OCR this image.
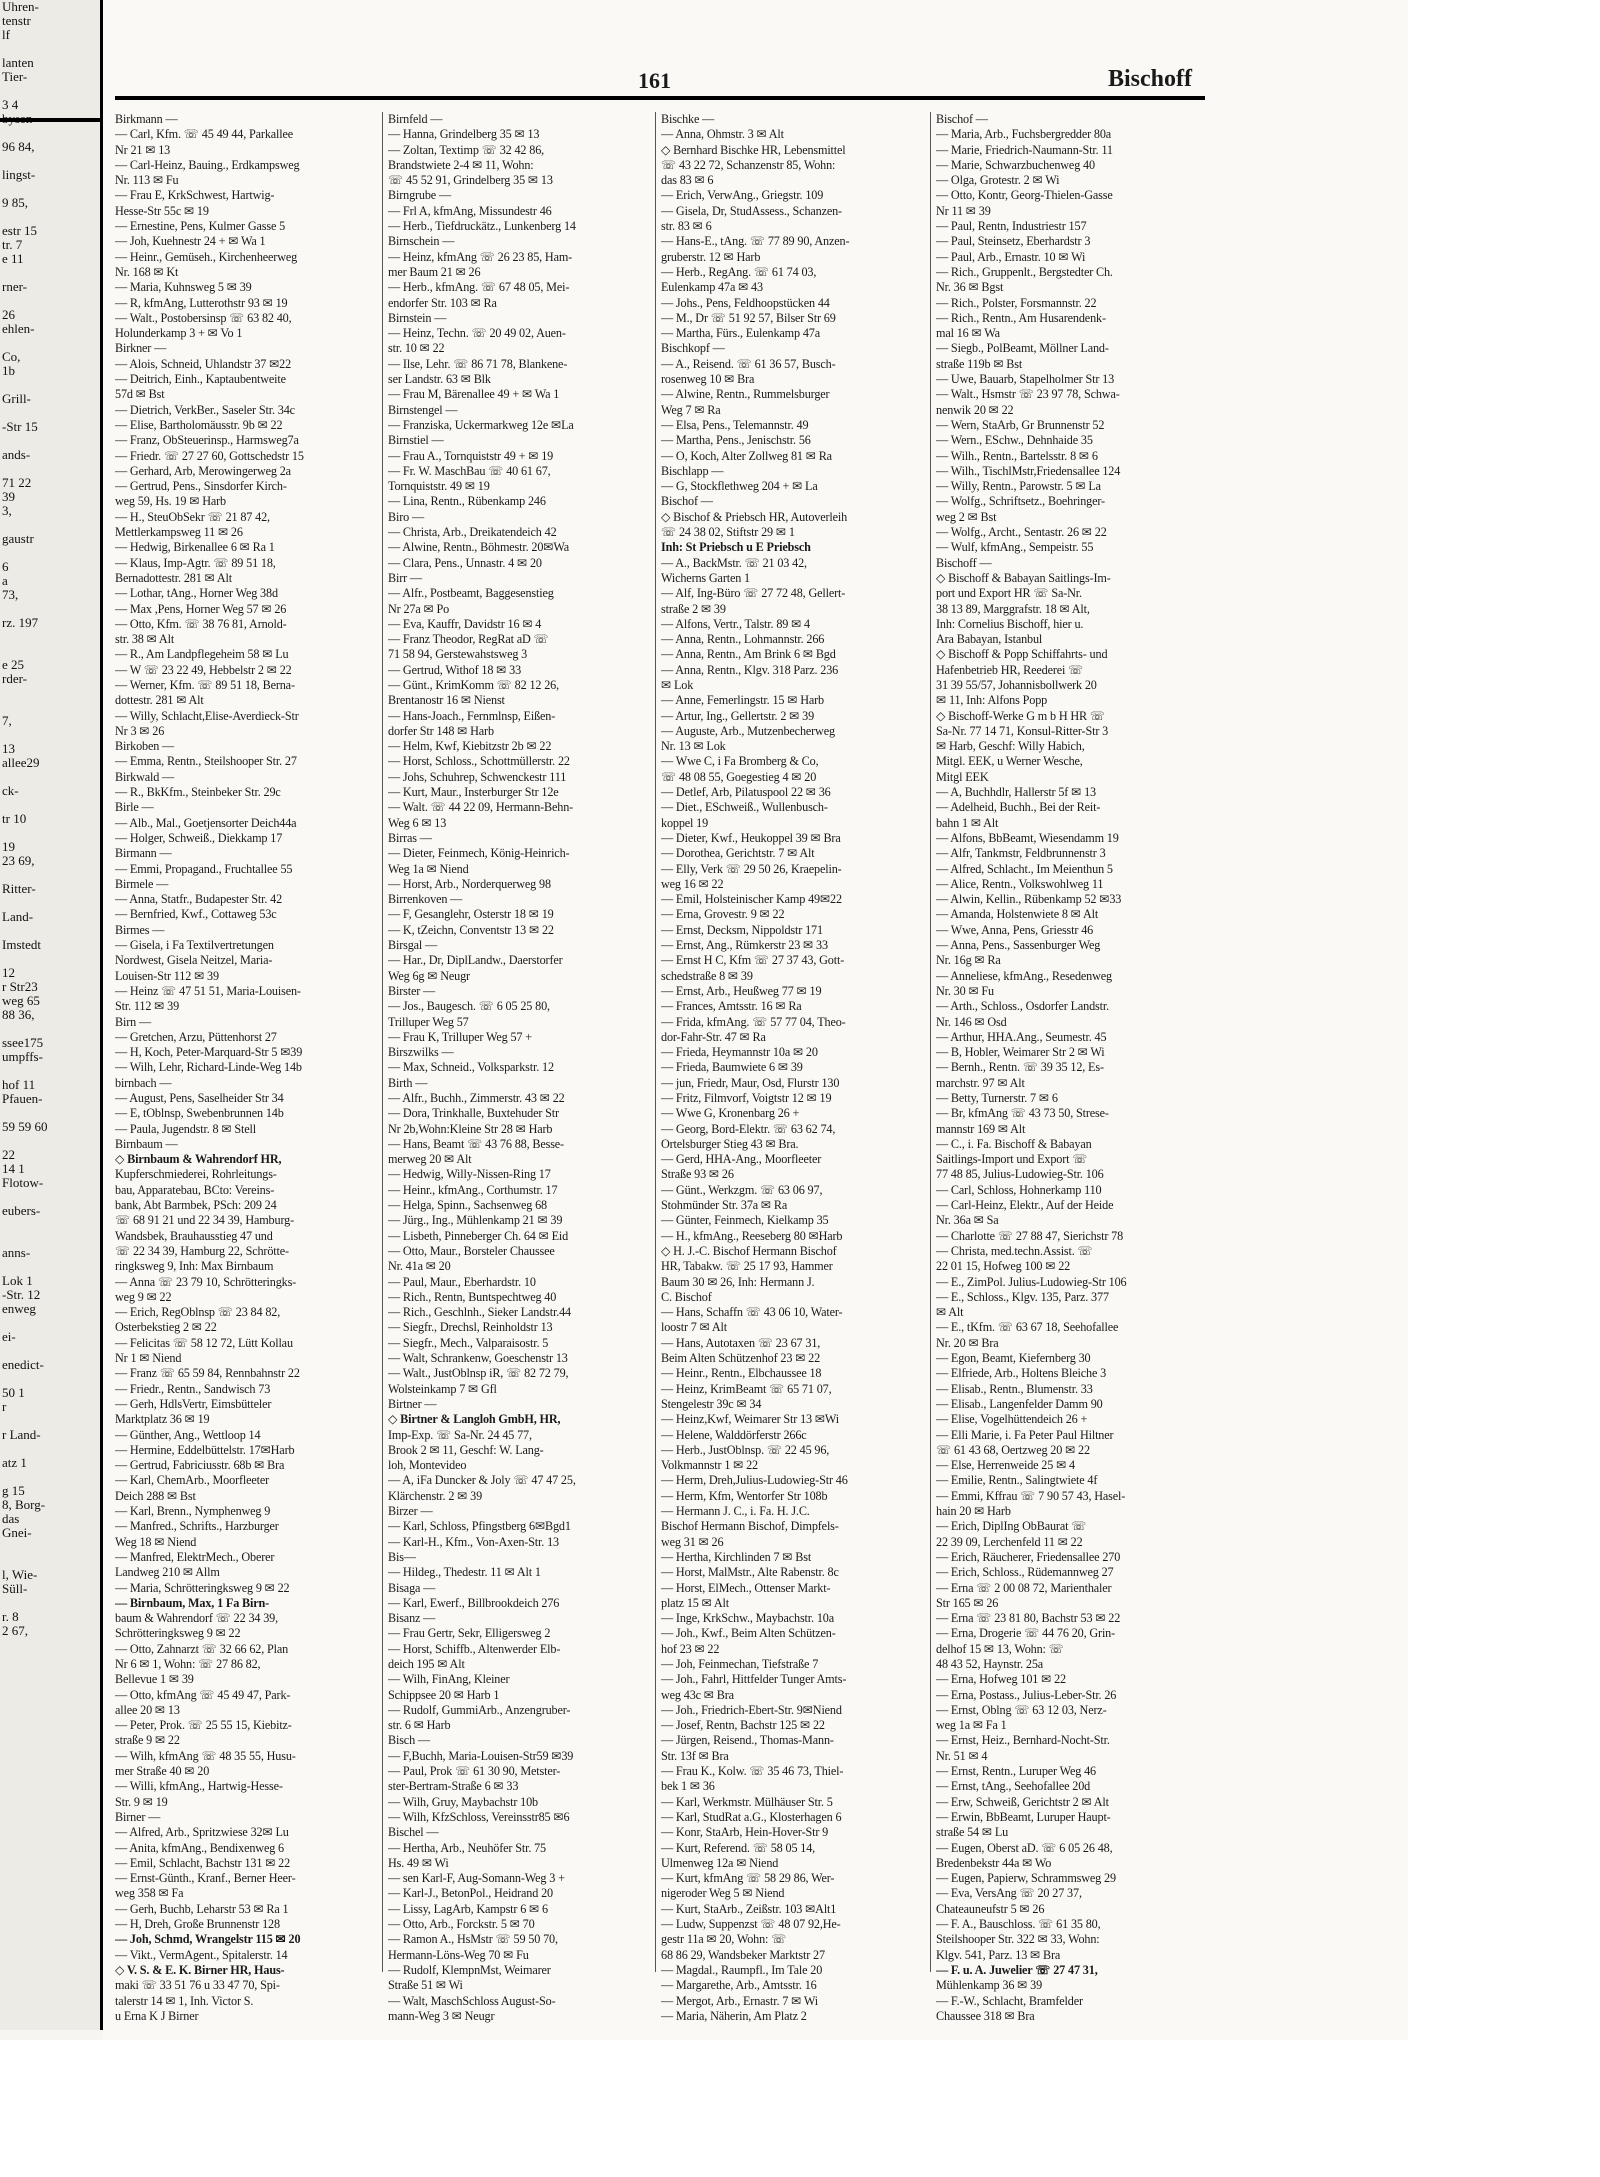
Uhren-
tenstr
lf

lanten
Tier-

3 4

96 84,

lingst-

9 85,

estr 15
tr. 7
e 11

rner-

26
ehlen-

Co,
1b

Grill-

-Str 15

ands-

71 22
39
3,

gaustr

6
a
73,

rz. 197

e 25
rder-

7,

13
allee29

ck-

tr 10

19
23 69,

Ritter-

Land-

Imstedt

12
r Str23
weg 65
88 36,

ssee175
umpffs-

hof 11
Pfauen-

59 59 60

22
14 1
Flotow-

eubers-

anns-

Lok 1
-Str. 12
enweg

ei-

enedict-

50 1
r

r Land-

atz 1

g 15
8, Borg-
das
Gnei-

l, Wie-
Süll-

r. 8
2 67,
161	Bischoff
Birkmann —
— Carl, Kfm. ☏ 45 49 44, Parkallee
Nr 21 ✉ 13
— Carl-Heinz, Bauing., Erdkampsweg
Nr. 113 ✉ Fu
— Frau E, KrkSchwest, Hartwig-
Hesse-Str 55c ✉ 19
— Ernestine, Pens, Kulmer Gasse 5
— Joh, Kuehnestr 24 + ✉ Wa 1
— Heinr., Gemüseh., Kirchenheerweg
Nr. 168 ✉ Kt
— Maria, Kuhnsweg 5 ✉ 39
— R, kfmAng, Lutterothstr 93 ✉ 19
— Walt., Postobersinsp ☏ 63 82 40,
Holunderkamp 3 + ✉ Vo 1
Birkner —
— Alois, Schneid, Uhlandstr 37 ✉22
— Deitrich, Einh., Kaptaubentweite
57d ✉ Bst
— Dietrich, VerkBer., Saseler Str. 34c
— Elise, Bartholomäusstr. 9b ✉ 22
— Franz, ObSteuerinsp., Harmsweg7a
— Friedr. ☏ 27 27 60, Gottschedstr 15
— Gerhard, Arb, Merowingerweg 2a
— Gertrud, Pens., Sinsdorfer Kirch-
weg 59, Hs. 19 ✉ Harb
— H., SteuObSekr ☏ 21 87 42,
Mettlerkampsweg 11 ✉ 26
— Hedwig, Birkenallee 6 ✉ Ra 1
— Klaus, Imp-Agtr. ☏ 89 51 18,
Bernadottestr. 281 ✉ Alt
— Lothar, tAng., Horner Weg 38d
— Max ,Pens, Horner Weg 57 ✉ 26
— Otto, Kfm. ☏ 38 76 81, Arnold-
str. 38 ✉ Alt
— R., Am Landpflegeheim 58 ✉ Lu
— W ☏ 23 22 49, Hebbelstr 2 ✉ 22
— Werner, Kfm. ☏ 89 51 18, Berna-
dottestr. 281 ✉ Alt
— Willy, Schlacht,Elise-Averdieck-Str
Nr 3 ✉ 26
Birkoben —
— Emma, Rentn., Steilshooper Str. 27
Birkwald —
— R., BkKfm., Steinbeker Str. 29c
Birle —
— Alb., Mal., Goetjensorter Deich44a
— Holger, Schweiß., Diekkamp 17
Birmann —
— Emmi, Propagand., Fruchtallee 55
Birmele —
— Anna, Statfr., Budapester Str. 42
— Bernfried, Kwf., Cottaweg 53c
Birmes —
— Gisela, i Fa Textilvertretungen
Nordwest, Gisela Neitzel, Maria-
Louisen-Str 112 ✉ 39
— Heinz ☏ 47 51 51, Maria-Louisen-
Str. 112 ✉ 39
Birn —
— Gretchen, Arzu, Püttenhorst 27
— H, Koch, Peter-Marquard-Str 5 ✉39
— Wilh, Lehr, Richard-Linde-Weg 14b
birnbach —
— August, Pens, Saselheider Str 34
— E, tOblnsp, Swebenbrunnen 14b
— Paula, Jugendstr. 8 ✉ Stell
Birnbaum —
◇ Birnbaum & Wahrendorf HR,
Kupferschmiederei, Rohrleitungs-
bau, Apparatebau, BCto: Vereins-
bank, Abt Barmbek, PSch: 209 24
☏ 68 91 21 und 22 34 39, Hamburg-
Wandsbek, Brauhausstieg 47 und
☏ 22 34 39, Hamburg 22, Schrötte-
ringksweg 9, Inh: Max Birnbaum
— Anna ☏ 23 79 10, Schrötteringks-
weg 9 ✉ 22
— Erich, RegOblnsp ☏ 23 84 82,
Osterbekstieg 2 ✉ 22
— Felicitas ☏ 58 12 72, Lütt Kollau
Nr 1 ✉ Niend
— Franz ☏ 65 59 84, Rennbahnstr 22
— Friedr., Rentn., Sandwisch 73
— Gerh, HdlsVertr, Eimsbütteler
Marktplatz 36 ✉ 19
— Günther, Ang., Wettloop 14
— Hermine, Eddelbüttelstr. 17✉Harb
— Gertrud, Fabriciusstr. 68b ✉ Bra
— Karl, ChemArb., Moorfleeter
Deich 288 ✉ Bst
— Karl, Brenn., Nymphenweg 9
— Manfred., Schrifts., Harzburger
Weg 18 ✉ Niend
— Manfred, ElektrMech., Oberer
Landweg 210 ✉ Allm
— Maria, Schrötteringksweg 9 ✉ 22
— Birnbaum, Max, 1 Fa Birn-
baum & Wahrendorf ☏ 22 34 39,
Schrötteringksweg 9 ✉ 22
— Otto, Zahnarzt ☏ 32 66 62, Plan
Nr 6 ✉ 1, Wohn: ☏ 27 86 82,
Bellevue 1 ✉ 39
— Otto, kfmAng ☏ 45 49 47, Park-
allee 20 ✉ 13
— Peter, Prok. ☏ 25 55 15, Kiebitz-
straße 9 ✉ 22
— Wilh, kfmAng ☏ 48 35 55, Husu-
mer Straße 40 ✉ 20
— Willi, kfmAng., Hartwig-Hesse-
Str. 9 ✉ 19
Birner —
— Alfred, Arb., Spritzwiese 32✉ Lu
— Anita, kfmAng., Bendixenweg 6
— Emil, Schlacht, Bachstr 131 ✉ 22
— Ernst-Günth., Kranf., Berner Heer-
weg 358 ✉ Fa
— Gerh, Buchb, Leharstr 53 ✉ Ra 1
— H, Dreh, Große Brunnenstr 128
— Joh, Schmd, Wrangelstr 115 ✉ 20
— Vikt., VermAgent., Spitalerstr. 14
◇ V. S. & E. K. Birner HR, Haus-
maki ☏ 33 51 76 u 33 47 70, Spi-
talerstr 14 ✉ 1, Inh. Victor S.
u Erna K J Birner
Birnfeld —
— Hanna, Grindelberg 35 ✉ 13
— Zoltan, Textimp ☏ 32 42 86,
Brandstwiete 2-4 ✉ 11, Wohn:
☏ 45 52 91, Grindelberg 35 ✉ 13
Birngrube —
— Frl A, kfmAng, Missundestr 46
— Herb., Tiefdruckätz., Lunkenberg 14
Birnschein —
— Heinz, kfmAng ☏ 26 23 85, Ham-
mer Baum 21 ✉ 26
— Herb., kfmAng. ☏ 67 48 05, Mei-
endorfer Str. 103 ✉ Ra
Birnstein —
— Heinz, Techn. ☏ 20 49 02, Auen-
str. 10 ✉ 22
— Ilse, Lehr. ☏ 86 71 78, Blankene-
ser Landstr. 63 ✉ Blk
— Frau M, Bärenallee 49 + ✉ Wa 1
Birnstengel —
— Franziska, Uckermarkweg 12e ✉La
Birnstiel —
— Frau A., Tornquiststr 49 + ✉ 19
— Fr. W. MaschBau ☏ 40 61 67,
Tornquiststr. 49 ✉ 19
— Lina, Rentn., Rübenkamp 246
Biro —
— Christa, Arb., Dreikatendeich 42
— Alwine, Rentn., Böhmestr. 20✉Wa
— Clara, Pens., Unnastr. 4 ✉ 20
Birr —
— Alfr., Postbeamt, Baggesenstieg
Nr 27a ✉ Po
— Eva, Kauffr, Davidstr 16 ✉ 4
— Franz Theodor, RegRat aD ☏
71 58 94, Gerstewahstsweg 3
— Gertrud, Withof 18 ✉ 33
— Günt., KrimKomm ☏ 82 12 26,
Brentanostr 16 ✉ Nienst
— Hans-Joach., Fernmlnsp, Eißen-
dorfer Str 148 ✉ Harb
— Helm, Kwf, Kiebitzstr 2b ✉ 22
— Horst, Schloss., Schottmüllerstr. 22
— Johs, Schuhrep, Schwenckestr 111
— Kurt, Maur., Insterburger Str 12e
— Walt. ☏ 44 22 09, Hermann-Behn-
Weg 6 ✉ 13
Birras —
— Dieter, Feinmech, König-Heinrich-
Weg 1a ✉ Niend
— Horst, Arb., Norderquerweg 98
Birrenkoven —
— F, Gesanglehr, Osterstr 18 ✉ 19
— K, tZeichn, Conventstr 13 ✉ 22
Birsgal —
— Har., Dr, DiplLandw., Daerstorfer
Weg 6g ✉ Neugr
Birster —
— Jos., Baugesch. ☏ 6 05 25 80,
Trilluper Weg 57
— Frau K, Trilluper Weg 57 +
Birszwilks —
— Max, Schneid., Volksparkstr. 12
Birth —
— Alfr., Buchh., Zimmerstr. 43 ✉ 22
— Dora, Trinkhalle, Buxtehuder Str
Nr 2b,Wohn:Kleine Str 28 ✉ Harb
— Hans, Beamt ☏ 43 76 88, Besse-
merweg 20 ✉ Alt
— Hedwig, Willy-Nissen-Ring 17
— Heinr., kfmAng., Corthumstr. 17
— Helga, Spinn., Sachsenweg 68
— Jürg., Ing., Mühlenkamp 21 ✉ 39
— Lisbeth, Pinneberger Ch. 64 ✉ Eid
— Otto, Maur., Borsteler Chaussee
Nr. 41a ✉ 20
— Paul, Maur., Eberhardstr. 10
— Rich., Rentn, Buntspechtweg 40
— Rich., Geschlnh., Sieker Landstr.44
— Siegfr., Drechsl, Reinholdstr 13
— Siegfr., Mech., Valparaisostr. 5
— Walt, Schrankenw, Goeschenstr 13
— Walt., JustOblnsp iR, ☏ 82 72 79,
Wolsteinkamp 7 ✉ Gfl
Birtner —
◇ Birtner & Langloh GmbH, HR,
Imp-Exp. ☏ Sa-Nr. 24 45 77,
Brook 2 ✉ 11, Geschf: W. Lang-
loh, Montevideo
— A, iFa Duncker & Joly ☏ 47 47 25,
Klärchenstr. 2 ✉ 39
Birzer —
— Karl, Schloss, Pfingstberg 6✉Bgd1
— Karl-H., Kfm., Von-Axen-Str. 13
Bis—
— Hildeg., Thedestr. 11 ✉ Alt 1
Bisaga —
— Karl, Ewerf., Billbrookdeich 276
Bisanz —
— Frau Gertr, Sekr, Elligersweg 2
— Horst, Schiffb., Altenwerder Elb-
deich 195 ✉ Alt
— Wilh, FinAng, Kleiner
Schippsee 20 ✉ Harb 1
— Rudolf, GummiArb., Anzengruber-
str. 6 ✉ Harb
Bisch —
— F,Buchh, Maria-Louisen-Str59 ✉39
— Paul, Prok ☏ 61 30 90, Metster-
ster-Bertram-Straße 6 ✉ 33
— Wilh, Gruy, Maybachstr 10b
— Wilh, KfzSchloss, Vereinsstr85 ✉6
Bischel —
— Hertha, Arb., Neuhöfer Str. 75
Hs. 49 ✉ Wi
— sen Karl-F, Aug-Somann-Weg 3 +
— Karl-J., BetonPol., Heidrand 20
— Lissy, LagArb, Kampstr 6 ✉ 6
— Otto, Arb., Forckstr. 5 ✉ 70
— Ramon A., HsMstr ☏ 59 50 70,
Hermann-Löns-Weg 70 ✉ Fu
— Rudolf, KlempnMst, Weimarer
Straße 51 ✉ Wi
— Walt, MaschSchloss August-So-
mann-Weg 3 ✉ Neugr
Bischke —
— Anna, Ohmstr. 3 ✉ Alt
◇ Bernhard Bischke HR, Lebensmittel
☏ 43 22 72, Schanzenstr 85, Wohn:
das 83 ✉ 6
— Erich, VerwAng., Griegstr. 109
— Gisela, Dr, StudAssess., Schanzen-
str. 83 ✉ 6
— Hans-E., tAng. ☏ 77 89 90, Anzen-
gruberstr. 12 ✉ Harb
— Herb., RegAng. ☏ 61 74 03,
Eulenkamp 47a ✉ 43
— Johs., Pens, Feldhoopstücken 44
— M., Dr ☏ 51 92 57, Bilser Str 69
— Martha, Fürs., Eulenkamp 47a
Bischkopf —
— A., Reisend. ☏ 61 36 57, Busch-
rosenweg 10 ✉ Bra
— Alwine, Rentn., Rummelsburger
Weg 7 ✉ Ra
— Elsa, Pens., Telemannstr. 49
— Martha, Pens., Jenischstr. 56
— O, Koch, Alter Zollweg 81 ✉ Ra
Bischlapp —
— G, Stockflethweg 204 + ✉ La
Bischof —
◇ Bischof & Priebsch HR, Autoverleih
☏ 24 38 02, Stiftstr 29 ✉ 1
Inh: St Priebsch u E Priebsch
— A., BackMstr. ☏ 21 03 42,
Wicherns Garten 1
— Alf, Ing-Büro ☏ 27 72 48, Gellert-
straße 2 ✉ 39
— Alfons, Vertr., Talstr. 89 ✉ 4
— Anna, Rentn., Lohmannstr. 266
— Anna, Rentn., Am Brink 6 ✉ Bgd
— Anna, Rentn., Klgv. 318 Parz. 236
✉ Lok
— Anne, Femerlingstr. 15 ✉ Harb
— Artur, Ing., Gellertstr. 2 ✉ 39
— Auguste, Arb., Mutzenbecherweg
Nr. 13 ✉ Lok
— Wwe C, i Fa Bromberg & Co,
☏ 48 08 55, Goegestieg 4 ✉ 20
— Detlef, Arb, Pilatuspool 22 ✉ 36
— Diet., ESchweiß., Wullenbusch-
koppel 19
— Dieter, Kwf., Heukoppel 39 ✉ Bra
— Dorothea, Gerichtstr. 7 ✉ Alt
— Elly, Verk ☏ 29 50 26, Kraepelin-
weg 16 ✉ 22
— Emil, Holsteinischer Kamp 49✉22
— Erna, Grovestr. 9 ✉ 22
— Ernst, Decksm, Nippoldstr 171
— Ernst, Ang., Rümkerstr 23 ✉ 33
— Ernst H C, Kfm ☏ 27 37 43, Gott-
schedstraße 8 ✉ 39
— Ernst, Arb., Heußweg 77 ✉ 19
— Frances, Amtsstr. 16 ✉ Ra
— Frida, kfmAng. ☏ 57 77 04, Theo-
dor-Fahr-Str. 47 ✉ Ra
— Frieda, Heymannstr 10a ✉ 20
— Frieda, Baumwiete 6 ✉ 39
— jun, Friedr, Maur, Osd, Flurstr 130
— Fritz, Filmvorf, Voigtstr 12 ✉ 19
— Wwe G, Kronenbarg 26 +
— Georg, Bord-Elektr. ☏ 63 62 74,
Ortelsburger Stieg 43 ✉ Bra.
— Gerd, HHA-Ang., Moorfleeter
Straße 93 ✉ 26
— Günt., Werkzgm. ☏ 63 06 97,
Stohmünder Str. 37a ✉ Ra
— Günter, Feinmech, Kielkamp 35
— H., kfmAng., Reeseberg 80 ✉Harb
◇ H. J.-C. Bischof Hermann Bischof
HR, Tabakw. ☏ 25 17 93, Hammer
Baum 30 ✉ 26, Inh: Hermann J.
C. Bischof
— Hans, Schaffn ☏ 43 06 10, Water-
loostr 7 ✉ Alt
— Hans, Autotaxen ☏ 23 67 31,
Beim Alten Schützenhof 23 ✉ 22
— Heinr., Rentn., Elbchaussee 18
— Heinz, KrimBeamt ☏ 65 71 07,
Stengelestr 39c ✉ 34
— Heinz,Kwf, Weimarer Str 13 ✉Wi
— Helene, Walddörferstr 266c
— Herb., JustOblnsp. ☏ 22 45 96,
Volkmannstr 1 ✉ 22
— Herm, Dreh,Julius-Ludowieg-Str 46
— Herm, Kfm, Wentorfer Str 108b
— Hermann J. C., i. Fa. H. J.C.
Bischof Hermann Bischof, Dimpfels-
weg 31 ✉ 26
— Hertha, Kirchlinden 7 ✉ Bst
— Horst, MalMstr., Alte Rabenstr. 8c
— Horst, ElMech., Ottenser Markt-
platz 15 ✉ Alt
— Inge, KrkSchw., Maybachstr. 10a
— Joh., Kwf., Beim Alten Schützen-
hof 23 ✉ 22
— Joh, Feinmechan, Tiefstraße 7
— Joh., Fahrl, Hittfelder Tunger Amts-
weg 43c ✉ Bra
— Joh., Friedrich-Ebert-Str. 9✉Niend
— Josef, Rentn, Bachstr 125 ✉ 22
— Jürgen, Reisend., Thomas-Mann-
Str. 13f ✉ Bra
— Frau K., Kolw. ☏ 35 46 73, Thiel-
bek 1 ✉ 36
— Karl, Werkmstr. Mülhäuser Str. 5
— Karl, StudRat a.G., Klosterhagen 6
— Konr, StaArb, Hein-Hover-Str 9
— Kurt, Referend. ☏ 58 05 14,
Ulmenweg 12a ✉ Niend
— Kurt, kfmAng ☏ 58 29 86, Wer-
nigeroder Weg 5 ✉ Niend
— Kurt, StaArb., Zeißstr. 103 ✉Alt1
— Ludw, Suppenzst ☏ 48 07 92,He-
gestr 11a ✉ 20, Wohn: ☏
68 86 29, Wandsbeker Marktstr 27
— Magdal., Raumpfl., Im Tale 20
— Margarethe, Arb., Amtsstr. 16
— Mergot, Arb., Ernastr. 7 ✉ Wi
— Maria, Näherin, Am Platz 2
Bischof —
— Maria, Arb., Fuchsbergredder 80a
— Marie, Friedrich-Naumann-Str. 11
— Marie, Schwarzbuchenweg 40
— Olga, Grotestr. 2 ✉ Wi
— Otto, Kontr, Georg-Thielen-Gasse
Nr 11 ✉ 39
— Paul, Rentn, Industriestr 157
— Paul, Steinsetz, Eberhardstr 3
— Paul, Arb., Ernastr. 10 ✉ Wi
— Rich., Gruppenlt., Bergstedter Ch.
Nr. 36 ✉ Bgst
— Rich., Polster, Forsmannstr. 22
— Rich., Rentn., Am Husarendenk-
mal 16 ✉ Wa
— Siegb., PolBeamt, Möllner Land-
straße 119b ✉ Bst
— Uwe, Bauarb, Stapelholmer Str 13
— Walt., Hsmstr ☏ 23 97 78, Schwa-
nenwik 20 ✉ 22
— Wern, StaArb, Gr Brunnenstr 52
— Wern., ESchw., Dehnhaide 35
— Wilh., Rentn., Bartelsstr. 8 ✉ 6
— Wilh., TischlMstr,Friedensallee 124
— Willy, Rentn., Parowstr. 5 ✉ La
— Wolfg., Schriftsetz., Boehringer-
weg 2 ✉ Bst
— Wolfg., Archt., Sentastr. 26 ✉ 22
— Wulf, kfmAng., Sempeistr. 55
Bischoff —
◇ Bischoff & Babayan Saitlings-Im-
port und Export HR ☏ Sa-Nr.
38 13 89, Marggrafstr. 18 ✉ Alt,
Inh: Cornelius Bischoff, hier u.
Ara Babayan, Istanbul
◇ Bischoff & Popp Schiffahrts- und
Hafenbetrieb HR, Reederei ☏
31 39 55/57, Johannisbollwerk 20
✉ 11, Inh: Alfons Popp
◇ Bischoff-Werke G m b H HR ☏
Sa-Nr. 77 14 71, Konsul-Ritter-Str 3
✉ Harb, Geschf: Willy Habich,
Mitgl. EEK, u Werner Wesche,
Mitgl EEK
— A, Buchhdlr, Hallerstr 5f ✉ 13
— Adelheid, Buchh., Bei der Reit-
bahn 1 ✉ Alt
— Alfons, BbBeamt, Wiesendamm 19
— Alfr, Tankmstr, Feldbrunnenstr 3
— Alfred, Schlacht., Im Meienthun 5
— Alice, Rentn., Volkswohlweg 11
— Alwin, Kellin., Rübenkamp 52 ✉33
— Amanda, Holstenwiete 8 ✉ Alt
— Wwe, Anna, Pens, Griesstr 46
— Anna, Pens., Sassenburger Weg
Nr. 16g ✉ Ra
— Anneliese, kfmAng., Resedenweg
Nr. 30 ✉ Fu
— Arth., Schloss., Osdorfer Landstr.
Nr. 146 ✉ Osd
— Arthur, HHA.Ang., Seumestr. 45
— B, Hobler, Weimarer Str 2 ✉ Wi
— Bernh., Rentn. ☏ 39 35 12, Es-
marchstr. 97 ✉ Alt
— Betty, Turnerstr. 7 ✉ 6
— Br, kfmAng ☏ 43 73 50, Strese-
mannstr 169 ✉ Alt
— C., i. Fa. Bischoff & Babayan
Saitlings-Import und Export ☏
77 48 85, Julius-Ludowieg-Str. 106
— Carl, Schloss, Hohnerkamp 110
— Carl-Heinz, Elektr., Auf der Heide
Nr. 36a ✉ Sa
— Charlotte ☏ 27 88 47, Sierichstr 78
— Christa, med.techn.Assist. ☏
22 01 15, Hofweg 100 ✉ 22
— E., ZimPol. Julius-Ludowieg-Str 106
— E., Schloss., Klgv. 135, Parz. 377
✉ Alt
— E., tKfm. ☏ 63 67 18, Seehofallee
Nr. 20 ✉ Bra
— Egon, Beamt, Kiefernberg 30
— Elfriede, Arb., Holtens Bleiche 3
— Elisab., Rentn., Blumenstr. 33
— Elisab., Langenfelder Damm 90
— Elise, Vogelhüttendeich 26 +
— Elli Marie, i. Fa Peter Paul Hiltner
☏ 61 43 68, Oertzweg 20 ✉ 22
— Else, Herrenweide 25 ✉ 4
— Emilie, Rentn., Salingtwiete 4f
— Emmi, Kffrau ☏ 7 90 57 43, Hasel-
hain 20 ✉ Harb
— Erich, DiplIng ObBaurat ☏
22 39 09, Lerchenfeld 11 ✉ 22
— Erich, Räucherer, Friedensallee 270
— Erich, Schloss., Rüdemannweg 27
— Erna ☏ 2 00 08 72, Marienthaler
Str 165 ✉ 26
— Erna ☏ 23 81 80, Bachstr 53 ✉ 22
— Erna, Drogerie ☏ 44 76 20, Grin-
delhof 15 ✉ 13, Wohn: ☏
48 43 52, Haynstr. 25a
— Erna, Hofweg 101 ✉ 22
— Erna, Postass., Julius-Leber-Str. 26
— Ernst, Oblng ☏ 63 12 03, Nerz-
weg 1a ✉ Fa 1
— Ernst, Heiz., Bernhard-Nocht-Str.
Nr. 51 ✉ 4
— Ernst, Rentn., Luruper Weg 46
— Ernst, tAng., Seehofallee 20d
— Erw, Schweiß, Gerichtstr 2 ✉ Alt
— Erwin, BbBeamt, Luruper Haupt-
straße 54 ✉ Lu
— Eugen, Oberst aD. ☏ 6 05 26 48,
Bredenbekstr 44a ✉ Wo
— Eugen, Papierw, Schrammsweg 29
— Eva, VersAng ☏ 20 27 37,
Chateauneufstr 5 ✉ 26
— F. A., Bauschloss. ☏ 61 35 80,
Steilshooper Str. 322 ✉ 33, Wohn:
Klgv. 541, Parz. 13 ✉ Bra
— F. u. A. Juwelier ☏ 27 47 31,
Mühlenkamp 36 ✉ 39
— F.-W., Schlacht, Bramfelder
Chaussee 318 ✉ Bra
